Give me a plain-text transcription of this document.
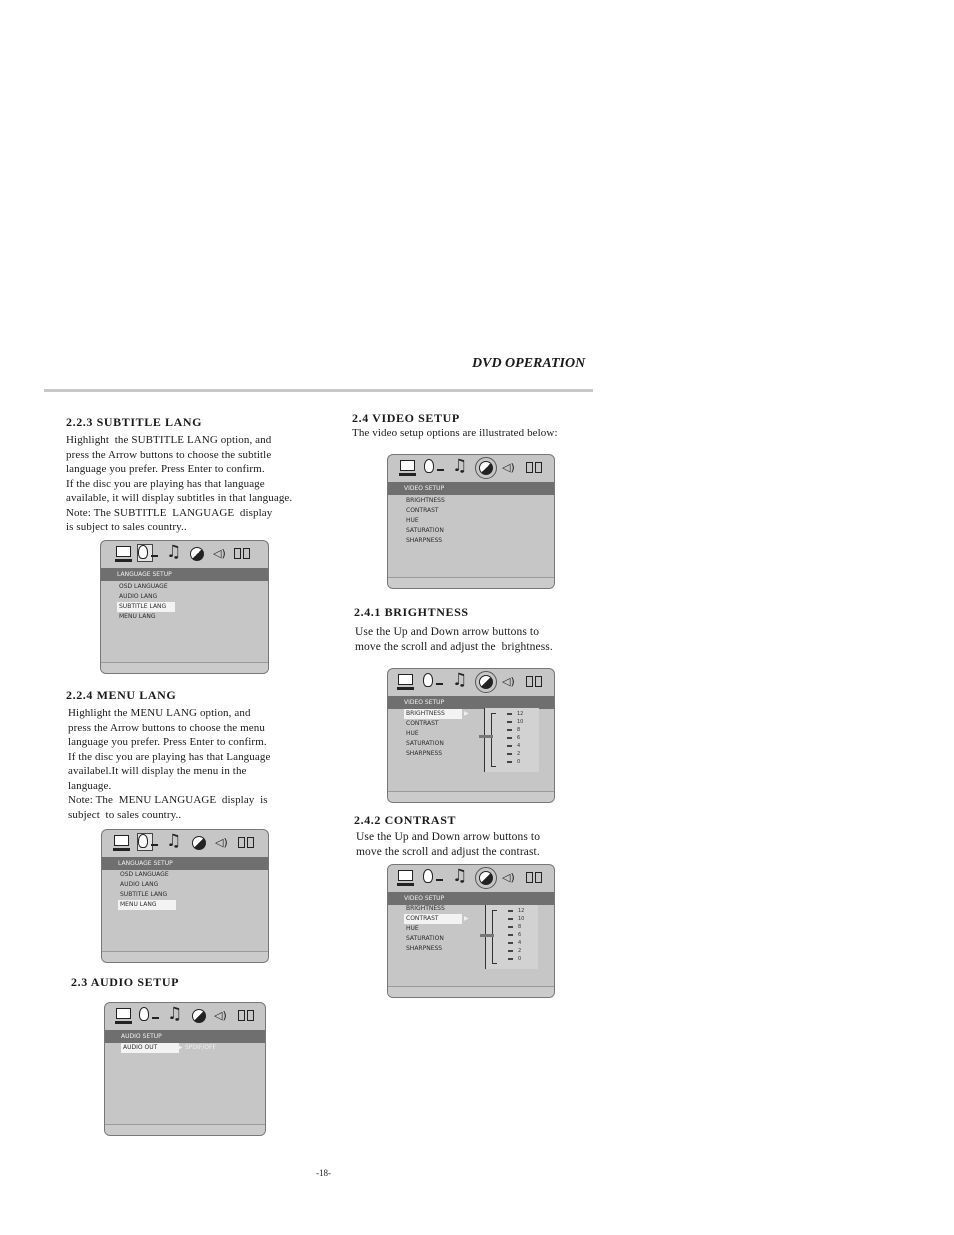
DVD OPERATION
2.2.3 SUBTITLE LANG
Highlight  the SUBTITLE LANG option, and
press the Arrow buttons to choose the subtitle
language you prefer. Press Enter to confirm.
If the disc you are playing has that language
available, it will display subtitles in that language.
Note: The SUBTITLE  LANGUAGE  display
is subject to sales country..
♫	◁)
LANGUAGE SETUP
OSD LANGUAGE
AUDIO LANG
SUBTITLE LANG
MENU LANG
2.2.4 MENU LANG
Highlight the MENU LANG option, and
press the Arrow buttons to choose the menu
language you prefer. Press Enter to confirm.
If the disc you are playing has that Language
availabel.It will display the menu in the
language.
Note: The  MENU LANGUAGE  display  is
subject  to sales country..
♫	◁)
LANGUAGE SETUP
OSD LANGUAGE
AUDIO LANG
SUBTITLE LANG
MENU LANG
2.3 AUDIO SETUP
♫	◁)
AUDIO SETUP
AUDIO OUT	▶ SPDIF/OFF
2.4 VIDEO SETUP
The video setup options are illustrated below:
♫	◁)
VIDEO SETUP
BRIGHTNESS
CONTRAST
HUE
SATURATION
SHARPNESS
2.4.1 BRIGHTNESS
Use the Up and Down arrow buttons to
move the scroll and adjust the  brightness.
♫	◁)
VIDEO SETUP
BRIGHTNESS
CONTRAST
HUE
SATURATION
SHARPNESS
▶	12
10
8
6
4
2
0
2.4.2 CONTRAST
Use the Up and Down arrow buttons to
move the scroll and adjust the contrast.
♫	◁)
VIDEO SETUP
BRIGHTNESS
CONTRAST
HUE
SATURATION
SHARPNESS
▶
12
10
8
6
4
2
0
-18-
